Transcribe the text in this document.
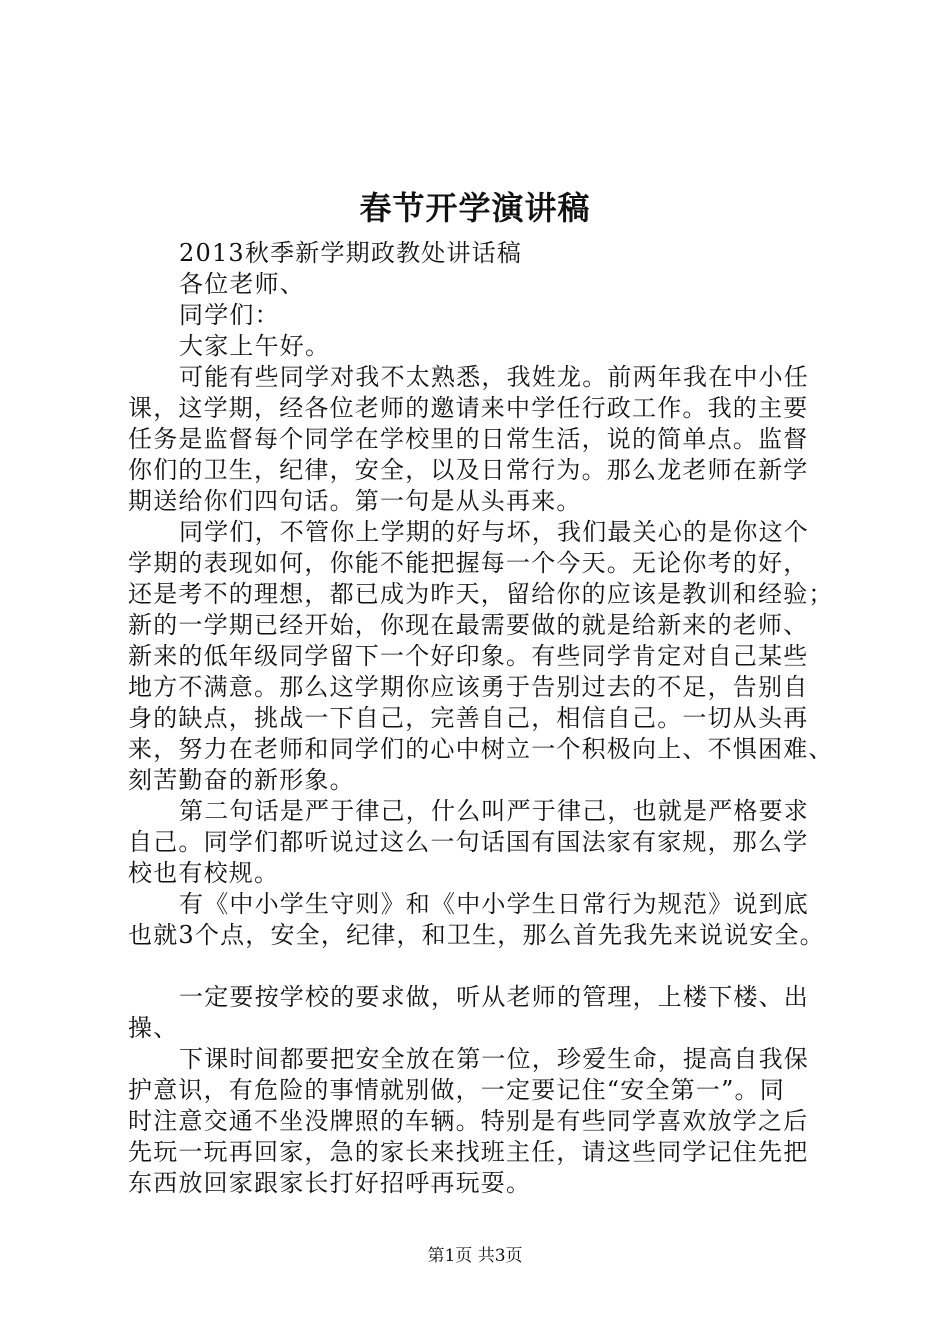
春节开学演讲稿
2013秋季新学期政教处讲话稿
各位老师、
同学们：
大家上午好。
可能有些同学对我不太熟悉，我姓龙。前两年我在中小任
课，这学期，经各位老师的邀请来中学任行政工作。我的主要
任务是监督每个同学在学校里的日常生活，说的简单点。监督
你们的卫生，纪律，安全，以及日常行为。那么龙老师在新学
期送给你们四句话。第一句是从头再来。
同学们，不管你上学期的好与坏，我们最关心的是你这个
学期的表现如何，你能不能把握每一个今天。无论你考的好，
还是考不的理想，都已成为昨天，留给你的应该是教训和经验；
新的一学期已经开始，你现在最需要做的就是给新来的老师、
新来的低年级同学留下一个好印象。有些同学肯定对自己某些
地方不满意。那么这学期你应该勇于告别过去的不足，告别自
身的缺点，挑战一下自己，完善自己，相信自己。一切从头再
来，努力在老师和同学们的心中树立一个积极向上、不惧困难、
刻苦勤奋的新形象。
第二句话是严于律己，什么叫严于律己，也就是严格要求
自己。同学们都听说过这么一句话国有国法家有家规，那么学
校也有校规。
有《中小学生守则》和《中小学生日常行为规范》说到底
也就3个点，安全，纪律，和卫生，那么首先我先来说说安全。
一定要按学校的要求做，听从老师的管理，上楼下楼、出
操、
下课时间都要把安全放在第一位，珍爱生命，提高自我保
护意识，有危险的事情就别做，一定要记住“安全第一”。同
时注意交通不坐没牌照的车辆。特别是有些同学喜欢放学之后
先玩一玩再回家，急的家长来找班主任，请这些同学记住先把
东西放回家跟家长打好招呼再玩耍。
第1页 共3页
